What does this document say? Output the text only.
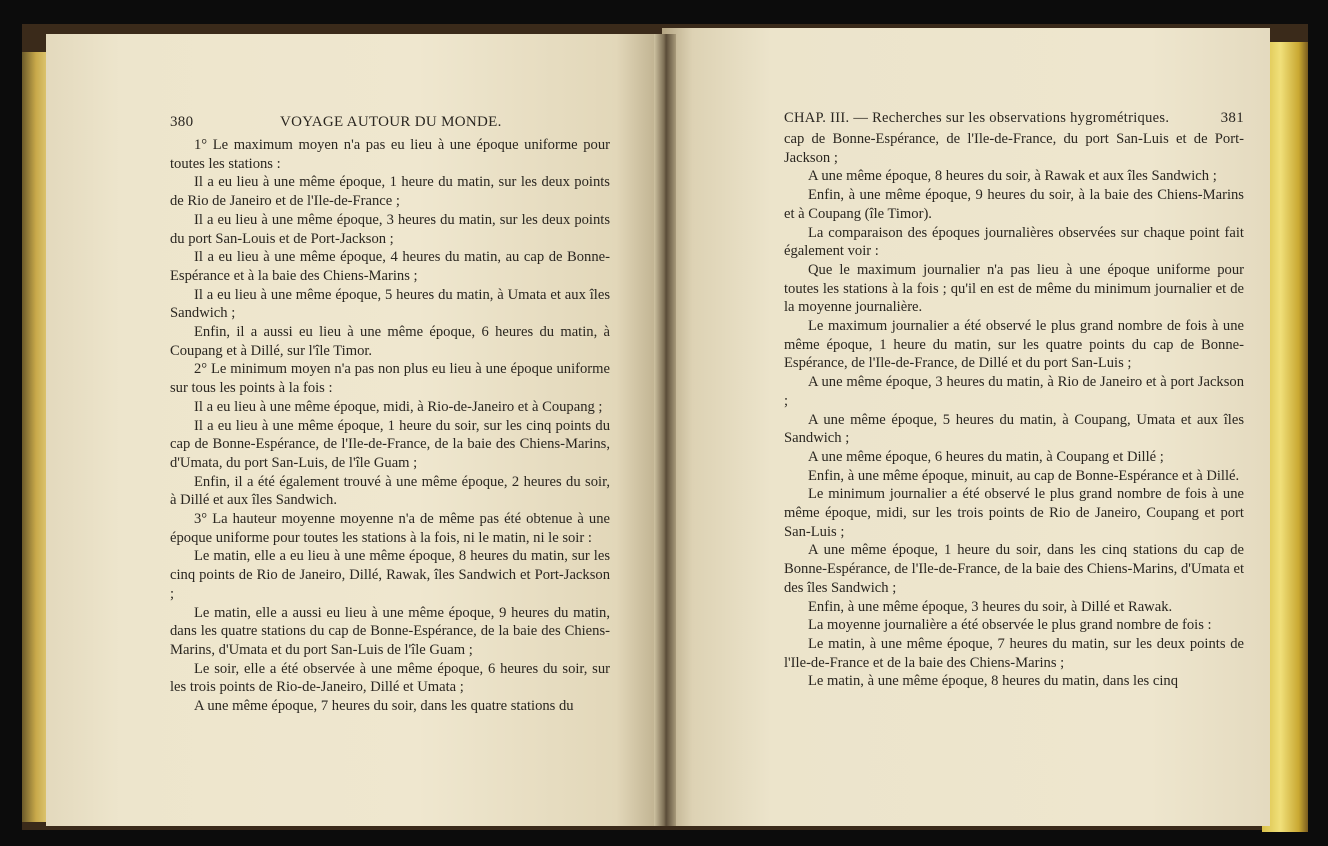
380	VOYAGE AUTOUR DU MONDE.

1° Le maximum moyen n'a pas eu lieu à une époque uniforme pour toutes les stations :

Il a eu lieu à une même époque, 1 heure du matin, sur les deux points de Rio de Janeiro et de l'Ile-de-France ;

Il a eu lieu à une même époque, 3 heures du matin, sur les deux points du port San-Louis et de Port-Jackson ;

Il a eu lieu à une même époque, 4 heures du matin, au cap de Bonne-Espérance et à la baie des Chiens-Marins ;

Il a eu lieu à une même époque, 5 heures du matin, à Umata et aux îles Sandwich ;

Enfin, il a aussi eu lieu à une même époque, 6 heures du matin, à Coupang et à Dillé, sur l'île Timor.

2° Le minimum moyen n'a pas non plus eu lieu à une époque uniforme sur tous les points à la fois :

Il a eu lieu à une même époque, midi, à Rio-de-Janeiro et à Coupang ;

Il a eu lieu à une même époque, 1 heure du soir, sur les cinq points du cap de Bonne-Espérance, de l'Ile-de-France, de la baie des Chiens-Marins, d'Umata, du port San-Luis, de l'île Guam ;

Enfin, il a été également trouvé à une même époque, 2 heures du soir, à Dillé et aux îles Sandwich.

3° La hauteur moyenne moyenne n'a de même pas été obtenue à une époque uniforme pour toutes les stations à la fois, ni le matin, ni le soir :

Le matin, elle a eu lieu à une même époque, 8 heures du matin, sur les cinq points de Rio de Janeiro, Dillé, Rawak, îles Sandwich et Port-Jackson ;

Le matin, elle a aussi eu lieu à une même époque, 9 heures du matin, dans les quatre stations du cap de Bonne-Espérance, de la baie des Chiens-Marins, d'Umata et du port San-Luis de l'île Guam ;

Le soir, elle a été observée à une même époque, 6 heures du soir, sur les trois points de Rio-de-Janeiro, Dillé et Umata ;

A une même époque, 7 heures du soir, dans les quatre stations du

CHAP. III. — Recherches sur les observations hygrométriques.	381

cap de Bonne-Espérance, de l'Ile-de-France, du port San-Luis et de Port-Jackson ;

A une même époque, 8 heures du soir, à Rawak et aux îles Sandwich ;

Enfin, à une même époque, 9 heures du soir, à la baie des Chiens-Marins et à Coupang (île Timor).

La comparaison des époques journalières observées sur chaque point fait également voir :

Que le maximum journalier n'a pas lieu à une époque uniforme pour toutes les stations à la fois ; qu'il en est de même du minimum journalier et de la moyenne journalière.

Le maximum journalier a été observé le plus grand nombre de fois à une même époque, 1 heure du matin, sur les quatre points du cap de Bonne-Espérance, de l'Ile-de-France, de Dillé et du port San-Luis ;

A une même époque, 3 heures du matin, à Rio de Janeiro et à port Jackson ;

A une même époque, 5 heures du matin, à Coupang, Umata et aux îles Sandwich ;

A une même époque, 6 heures du matin, à Coupang et Dillé ;

Enfin, à une même époque, minuit, au cap de Bonne-Espérance et à Dillé.

Le minimum journalier a été observé le plus grand nombre de fois à une même époque, midi, sur les trois points de Rio de Janeiro, Coupang et port San-Luis ;

A une même époque, 1 heure du soir, dans les cinq stations du cap de Bonne-Espérance, de l'Ile-de-France, de la baie des Chiens-Marins, d'Umata et des îles Sandwich ;

Enfin, à une même époque, 3 heures du soir, à Dillé et Rawak.

La moyenne journalière a été observée le plus grand nombre de fois :

Le matin, à une même époque, 7 heures du matin, sur les deux points de l'Ile-de-France et de la baie des Chiens-Marins ;

Le matin, à une même époque, 8 heures du matin, dans les cinq
